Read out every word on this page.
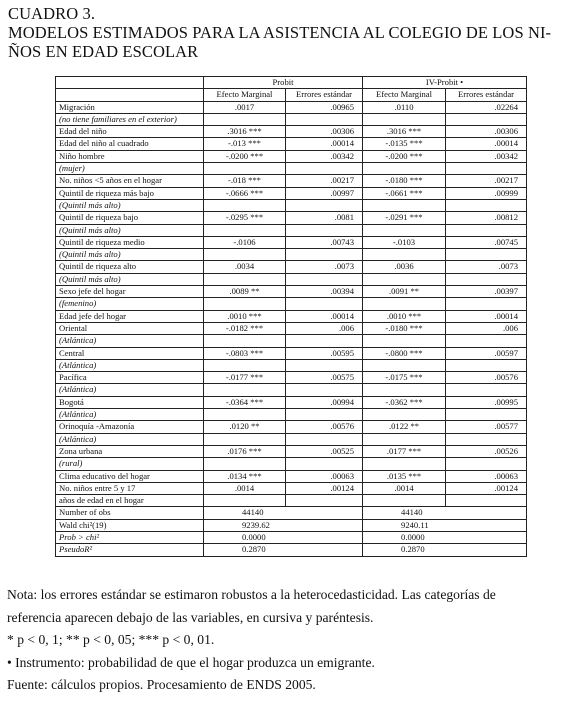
CUADRO 3.
MODELOS ESTIMADOS PARA LA ASISTENCIA AL COLEGIO DE LOS NI-
ÑOS EN EDAD ESCOLAR
	Probit		IV-Probit •	
	Efecto Marginal	Errores estándar	Efecto Marginal	Errores estándar
Migración	.0017	.00965	.0110	.02264
(no tiene familiares en el exterior)				
Edad del niño	.3016 ***	.00306	.3016 ***	.00306
Edad del niño al cuadrado	-.013 ***	.00014	-.0135 ***	.00014
Niño hombre	-.0200 ***	.00342	-.0200 ***	.00342
(mujer)				
No. niños <5 años en el hogar	-.018 ***	.00217	-.0180 ***	.00217
Quintil de riqueza más bajo	-.0666 ***	.00997	-.0661 ***	.00999
(Quintil más alto)				
Quintil de riqueza bajo	-.0295 ***	.0081	-.0291 ***	.00812
(Quintil más alto)				
Quintil de riqueza medio	-.0106	.00743	-.0103	.00745
(Quintil más alto)				
Quintil de riqueza alto	.0034	.0073	.0036	.0073
(Quintil más alto)				
Sexo jefe del hogar	.0089 **	.00394	.0091 **	.00397
(femenino)				
Edad jefe del hogar	.0010 ***	.00014	.0010 ***	.00014
Oriental	-.0182 ***	.006	-.0180 ***	.006
(Atlántica)				
Central	-.0803 ***	.00595	-.0800 ***	.00597
(Atlántica)				
Pacífica	-.0177 ***	.00575	-.0175 ***	.00576
(Atlántica)				
Bogotá	-.0364 ***	.00994	-.0362 ***	.00995
(Atlántica)				
Orinoquía -Amazonía	.0120 **	.00576	.0122 **	.00577
(Atlántica)				
Zona urbana	.0176 ***	.00525	.0177 ***	.00526
(rural)				
Clima educativo del hogar	.0134 ***	.00063	.0135 ***	.00063
No. niños entre 5 y 17	.0014	.00124	.0014	.00124
años de edad en el hogar				
Number of obs	44140		44140	
Wald chi²(19)	9239.62		9240.11	
Prob > chi²	0.0000		0.0000	
PseudoR²	0.2870		0.2870	
Nota: los errores estándar se estimaron robustos a la heterocedasticidad. Las categorías de
referencia aparecen debajo de las variables, en cursiva y paréntesis.
* p < 0, 1; ** p < 0, 05; *** p < 0, 01.
• Instrumento: probabilidad de que el hogar produzca un emigrante.
Fuente: cálculos propios. Procesamiento de ENDS 2005.
